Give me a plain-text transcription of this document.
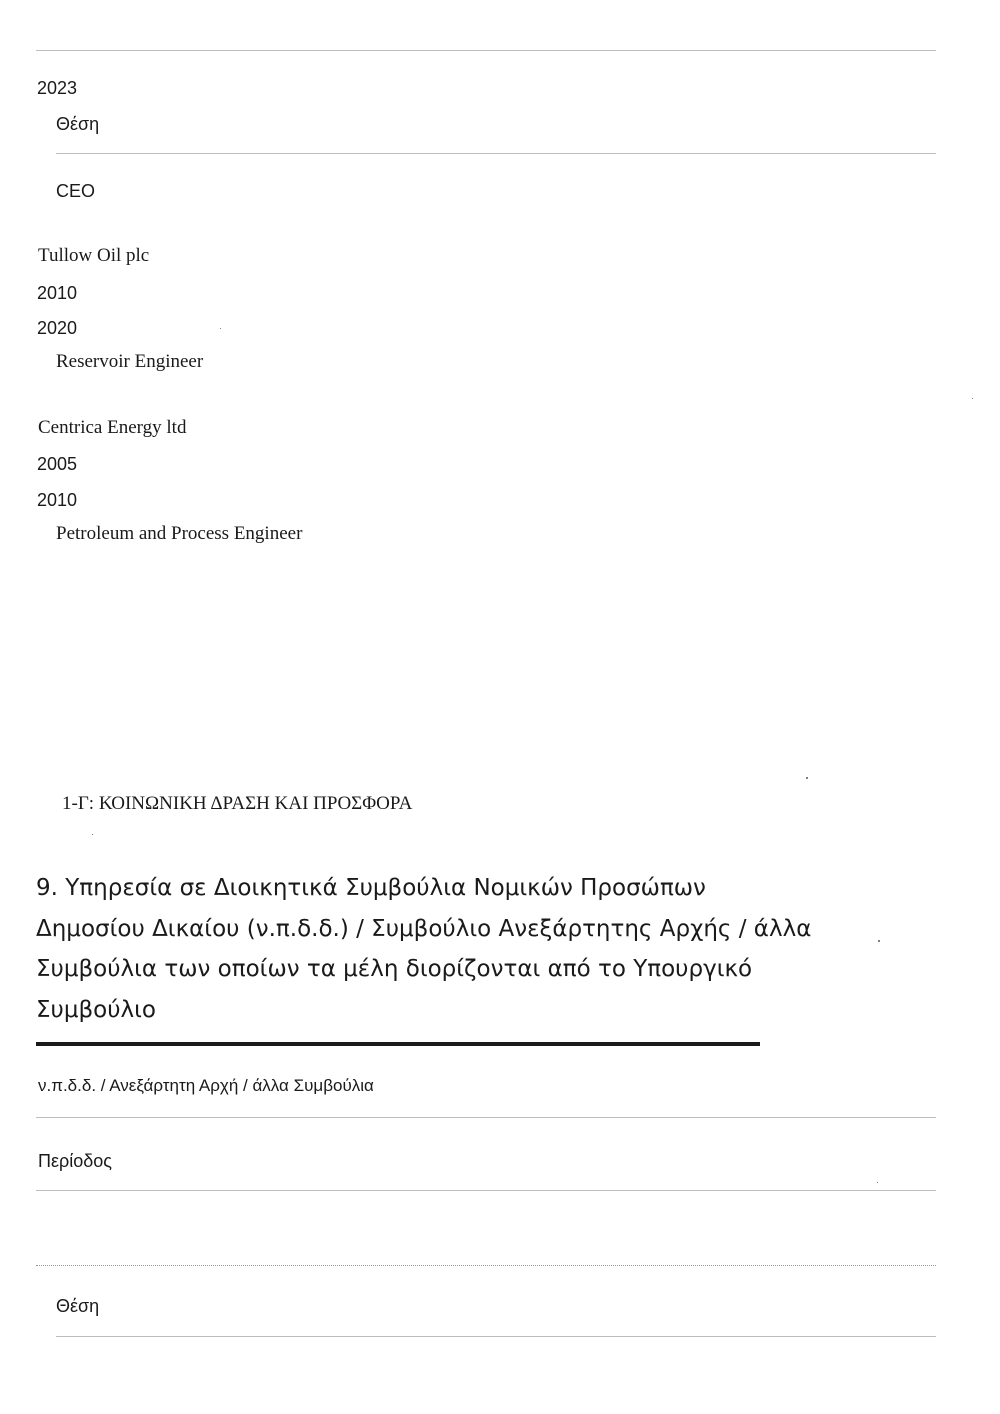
2023
Θέση
CEO
Tullow Oil plc
2010
2020
Reservoir Engineer
Centrica Energy ltd
2005
2010
Petroleum and Process Engineer
1-Γ: ΚΟΙΝΩΝΙΚΗ ΔΡΑΣΗ ΚΑΙ ΠΡΟΣΦΟΡΑ
9. Υπηρεσία σε Διοικητικά Συμβούλια Νομικών Προσώπων
Δημοσίου Δικαίου (ν.π.δ.δ.) / Συμβούλιο Ανεξάρτητης Αρχής / άλλα
Συμβούλια των οποίων τα μέλη διορίζονται από το Υπουργικό
Συμβούλιο
ν.π.δ.δ. / Ανεξάρτητη Αρχή / άλλα Συμβούλια
Περίοδος
Θέση
